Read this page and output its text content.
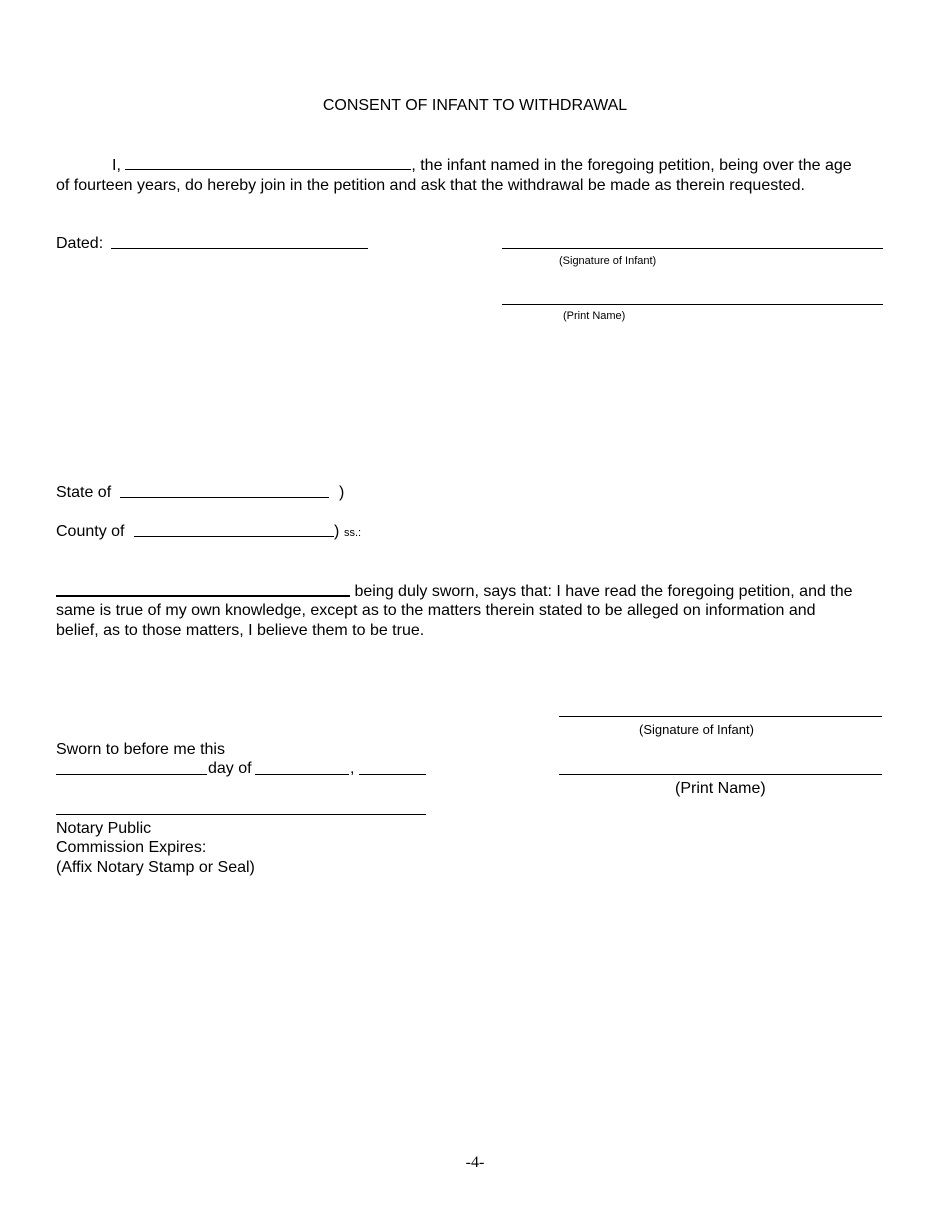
CONSENT OF INFANT TO WITHDRAWAL
I,	, the infant named in the foregoing petition, being over the age
of fourteen years, do hereby join in the petition and ask that the withdrawal be made as therein requested.
Dated:
(Signature of Infant)
(Print Name)
State of	)
County of	) ss.:
being duly sworn, says that: I have read the foregoing petition, and the
same is true of my own knowledge, except as to the matters therein stated to be alleged on information and
belief, as to those matters, I believe them to be true.
(Signature of Infant)
(Print Name)
Sworn to before me this
day of	,
Notary Public
Commission Expires:
(Affix Notary Stamp or Seal)
-4-
